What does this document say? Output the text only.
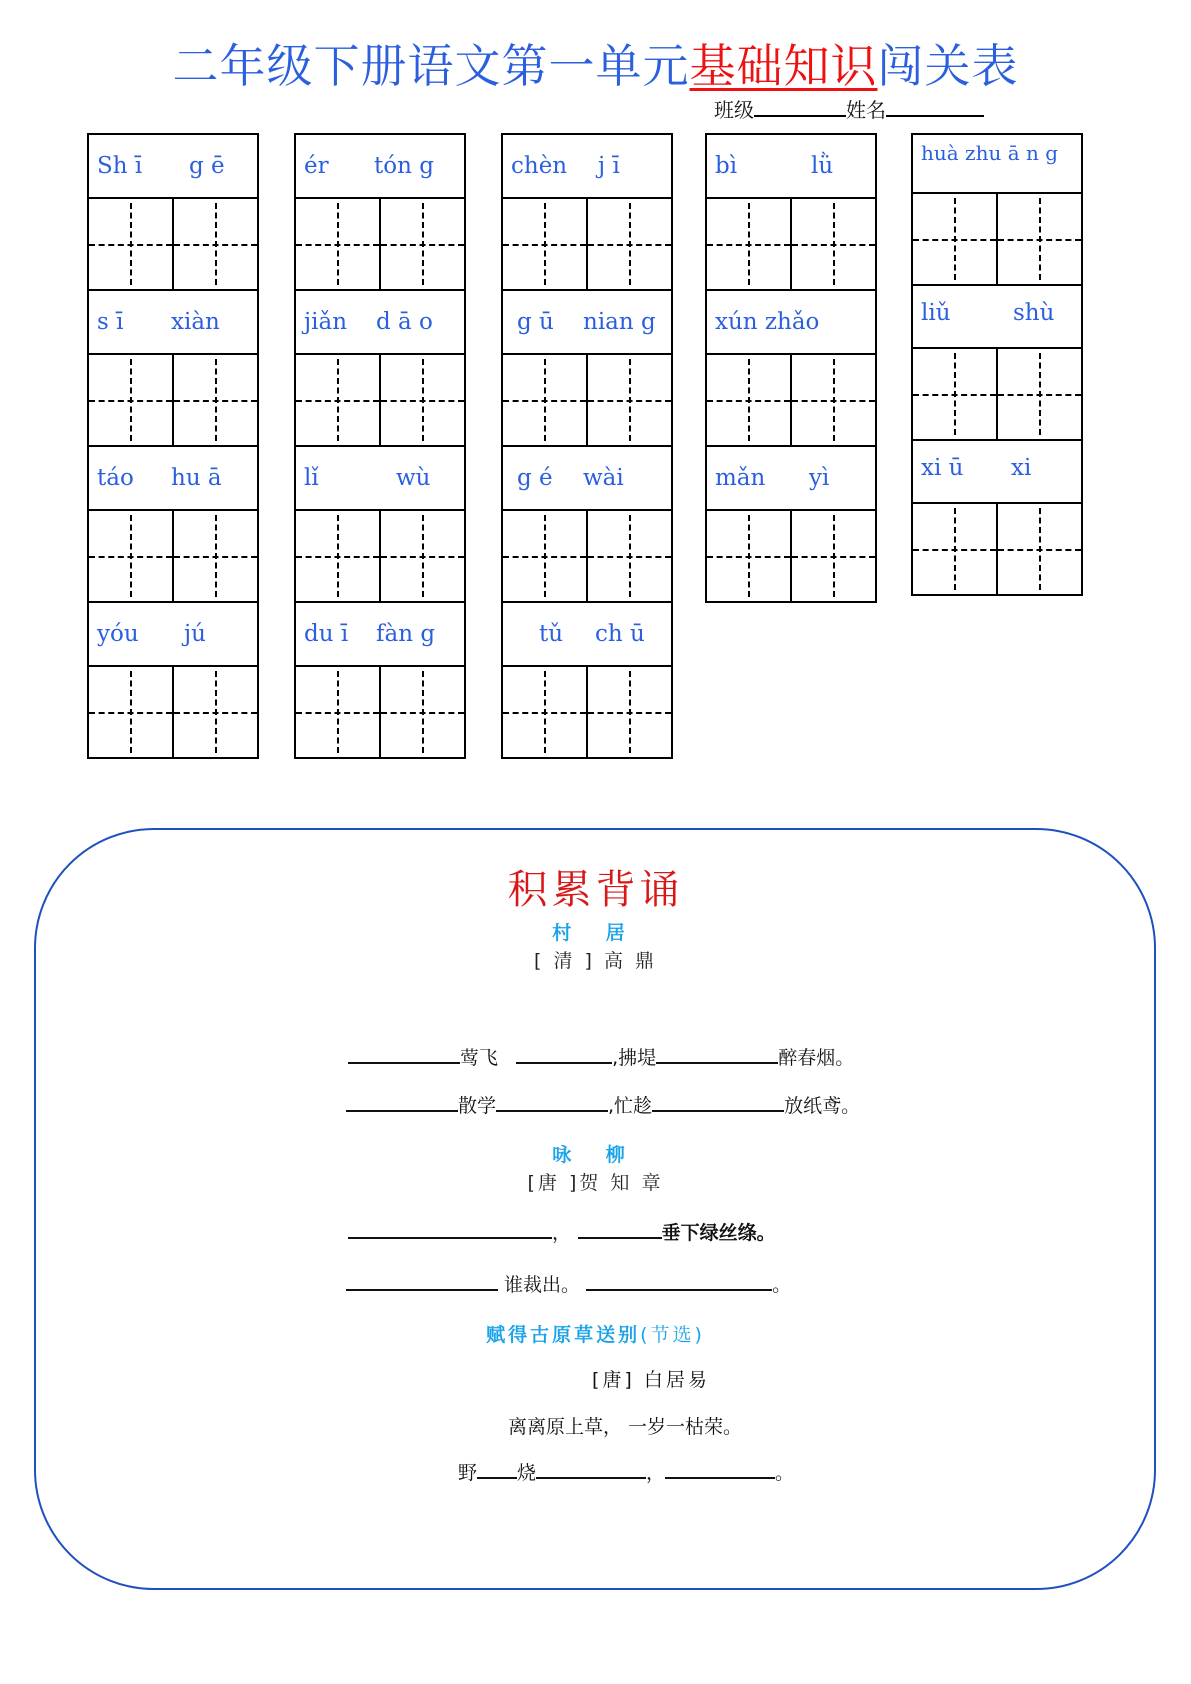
二年级下册语文第一单元基础知识闯关表
班级	姓名
Sh ī g ē
s ī xiàn
táo hu ā
yóu jú
ér tón g
jiǎn d ā o
lǐ	wù
du ī fàn g
chèn j ī
g ū nian g
g é wài
tǔ ch ū
bì	lǜ
xún zhǎo
mǎn yì
huà zhu ā n g
liǔ	shù
xi ū xi
积累背诵
村 居
[ 清 ] 高 鼎
莺飞	,拂堤	醉春烟。
散学	,忙趁	放纸鸢。
咏 柳
[唐 ]贺 知 章
，	垂下绿丝绦。
谁裁出。	。
赋得古原草送别(节选)
[唐] 白居易
离离原上草， 一岁一枯荣。
野 烧	，	。
